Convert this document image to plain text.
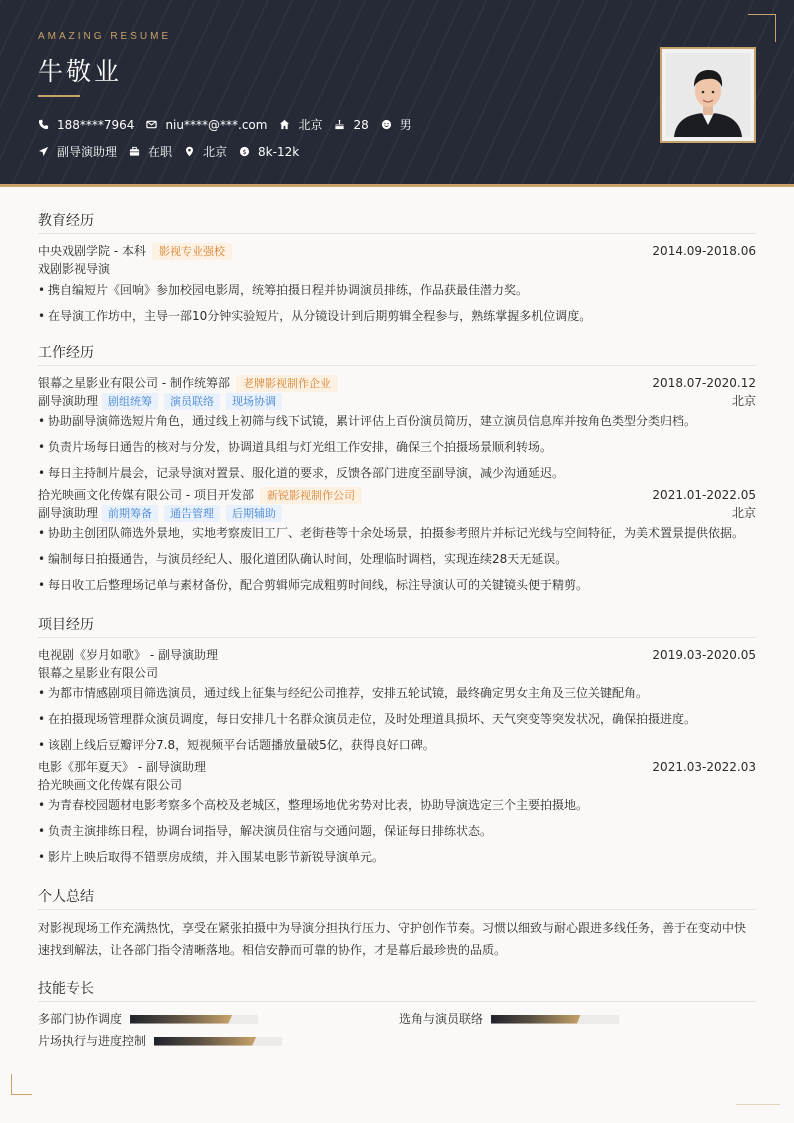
AMAZING RESUME
牛敬业
188****7964	niu****@***.com	北京	28	男
副导演助理	在职	北京 $ 8k-12k
教育经历
中央戏剧学院 - 本科	影视专业强校	2014.09-2018.06
戏剧影视导演
• 携自编短片《回响》参加校园电影周，统筹拍摄日程并协调演员排练，作品获最佳潜力奖。
• 在导演工作坊中，主导一部10分钟实验短片，从分镜设计到后期剪辑全程参与，熟练掌握多机位调度。
工作经历
银幕之星影业有限公司 - 制作统筹部	老牌影视制作企业	2018.07-2020.12
副导演助理 剧组统筹	演员联络	现场协调	北京
• 协助副导演筛选短片角色，通过线上初筛与线下试镜，累计评估上百份演员简历，建立演员信息库并按角色类型分类归档。
• 负责片场每日通告的核对与分发，协调道具组与灯光组工作安排，确保三个拍摄场景顺利转场。
• 每日主持制片晨会，记录导演对置景、服化道的要求，反馈各部门进度至副导演，减少沟通延迟。
拾光映画文化传媒有限公司 - 项目开发部	新锐影视制作公司	2021.01-2022.05
副导演助理 前期筹备	通告管理	后期辅助	北京
• 协助主创团队筛选外景地，实地考察废旧工厂、老街巷等十余处场景，拍摄参考照片并标记光线与空间特征，为美术置景提供依据。
• 编制每日拍摄通告，与演员经纪人、服化道团队确认时间，处理临时调档，实现连续28天无延误。
• 每日收工后整理场记单与素材备份，配合剪辑师完成粗剪时间线，标注导演认可的关键镜头便于精剪。
项目经历
电视剧《岁月如歌》 - 副导演助理	2019.03-2020.05
银幕之星影业有限公司
• 为都市情感剧项目筛选演员，通过线上征集与经纪公司推荐，安排五轮试镜，最终确定男女主角及三位关键配角。
• 在拍摄现场管理群众演员调度，每日安排几十名群众演员走位，及时处理道具损坏、天气突变等突发状况，确保拍摄进度。
• 该剧上线后豆瓣评分7.8，短视频平台话题播放量破5亿，获得良好口碑。
电影《那年夏天》 - 副导演助理	2021.03-2022.03
拾光映画文化传媒有限公司
• 为青春校园题材电影考察多个高校及老城区，整理场地优劣势对比表，协助导演选定三个主要拍摄地。
• 负责主演排练日程，协调台词指导，解决演员住宿与交通问题，保证每日排练状态。
• 影片上映后取得不错票房成绩，并入围某电影节新锐导演单元。
个人总结
对影视现场工作充满热忱，享受在紧张拍摄中为导演分担执行压力、守护创作节奏。习惯以细致与耐心跟进多线任务，善于在变动中快速找到解法，让各部门指令清晰落地。相信安静而可靠的协作，才是幕后最珍贵的品质。
技能专长
多部门协作调度	选角与演员联络
片场执行与进度控制
